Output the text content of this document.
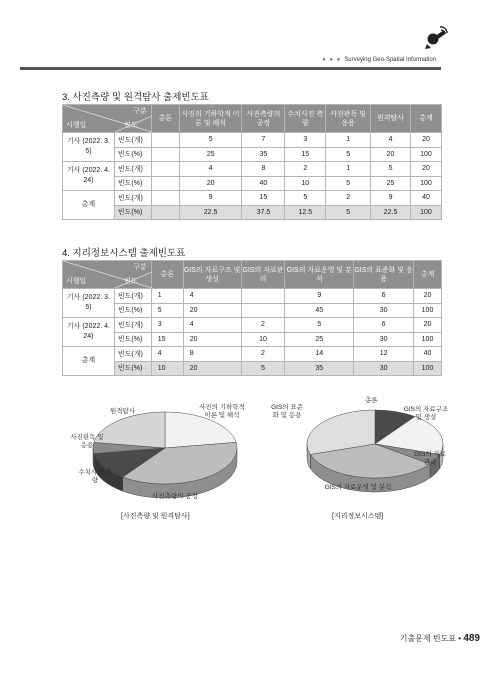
● ● ● Surveying Geo-Spatial Information
3. 사진측량 및 원격탐사 출제빈도표
구분
빈도
시행일		총론	사진의 기하학적 이론 및 해석	사진측량의 공정	수치사진 측량	사진판독 및 응용	원격탐사	총계
기사 (2022. 3. 5)	빈도(개)		5	7	3	1	4	20
	빈도(%)		25	35	15	5	20	100
기사 (2022. 4. 24)	빈도(개)		4	8	2	1	5	20
	빈도(%)		20	40	10	5	25	100
총계	빈도(개)		9	15	5	2	9	40
	빈도(%)		22.5	37.5	12.5	5	22.5	100
4. 지리정보시스템 출제빈도표
구분
빈도
시행일		총론	GIS의 자료구조 및 생성	GIS의 자료관리	GIS의 자료운영 및 분석	GIS의 표준화 및 응용	총계
기사 (2022. 3. 5)	빈도(개)	1	4		9	6	20
	빈도(%)	5	20		45	30	100
기사 (2022. 4. 24)	빈도(개)	3	4	2	5	6	20
	빈도(%)	15	20	10	25	30	100
총계	빈도(개)	4	8	2	14	12	40
	빈도(%)	10	20	5	35	30	100
원격탐사
사진의 기하학적 이론 및 해석
사진판독 및 응용
수치사진 측량
사진측량의 공정
[사진측량 및 원격탐사]
총론
GIS의 자료구조 및 생성
GIS의 자료관리
GIS의 자료운영 및 분석
GIS의 표준화 및 응용
[지리정보시스템]
기출문제 빈도표 • 489
